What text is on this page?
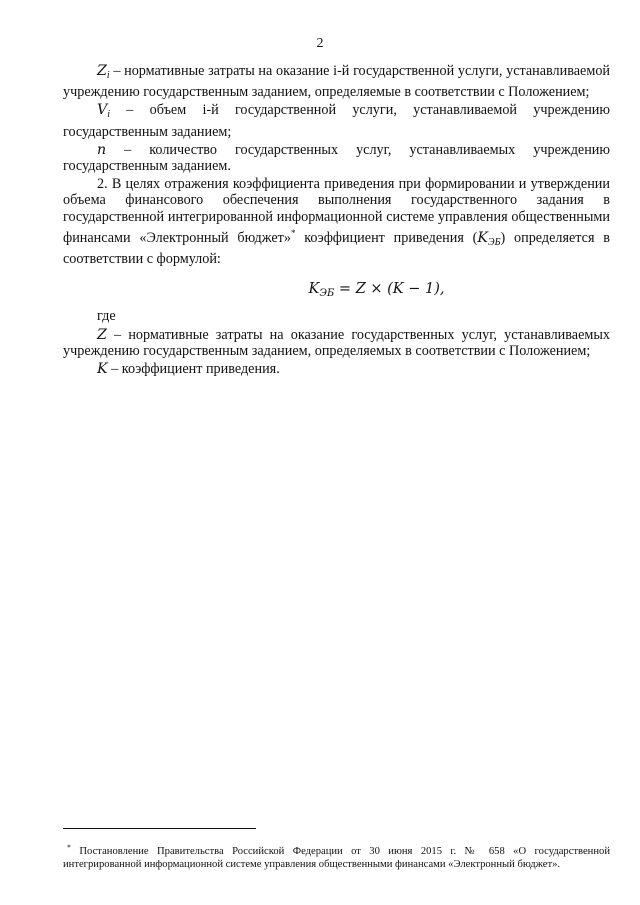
2

$Z_i$ – нормативные затраты на оказание i-й государственной услуги, устанавливаемой учреждению государственным заданием, определяемые в соответствии с Положением;

$V_i$ – объем i-й государственной услуги, устанавливаемой учреждению государственным заданием;

n – количество государственных услуг, устанавливаемых учреждению государственным заданием.

2. В целях отражения коэффициента приведения при формировании и утверждении объема финансового обеспечения выполнения государственного задания в государственной интегрированной информационной системе управления общественными финансами «Электронный бюджет»* коэффициент приведения $(K_{ЭБ})$ определяется в соответствии с формулой:

$K_{ЭБ} = Z \times (K - 1)$,

где

Z – нормативные затраты на оказание государственных услуг, устанавливаемых учреждению государственным заданием, определяемых в соответствии с Положением;

K – коэффициент приведения.

* Постановление Правительства Российской Федерации от 30 июня 2015 г. № 658 «О государственной интегрированной информационной системе управления общественными финансами «Электронный бюджет».
